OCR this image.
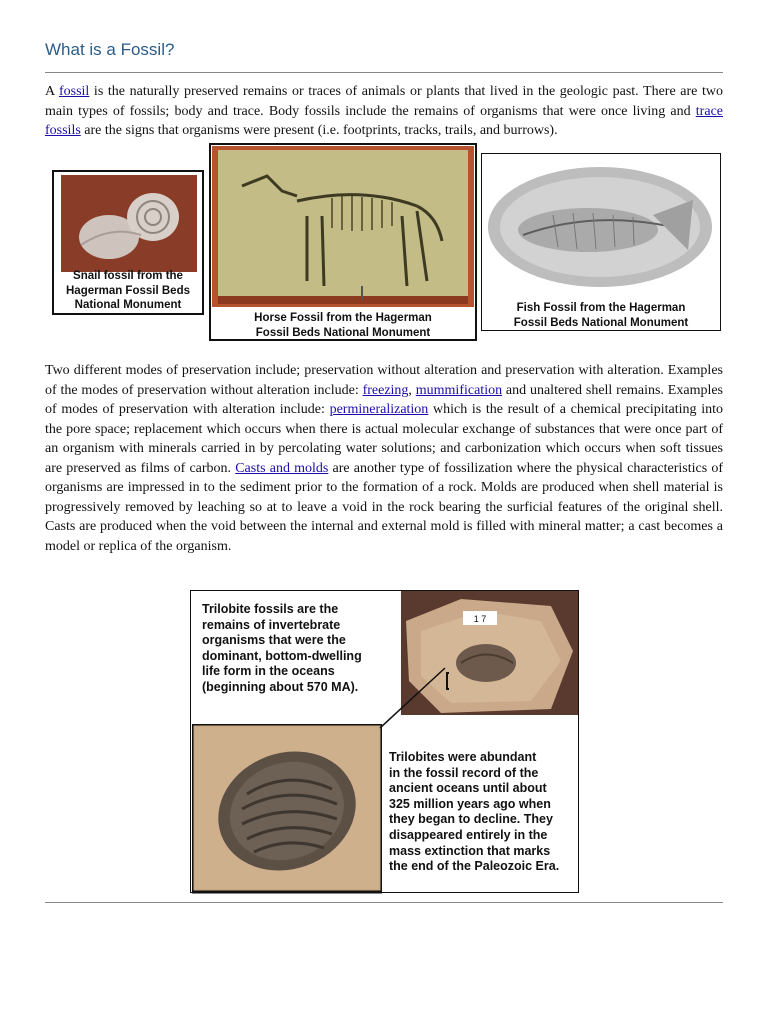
What is a Fossil?

A fossil is the naturally preserved remains or traces of animals or plants that lived in the geologic past. There are two main types of fossils; body and trace. Body fossils include the remains of organisms that were once living and trace fossils are the signs that organisms were present (i.e. footprints, tracks, trails, and burrows).

Snail fossil from the
Hagerman Fossil Beds
National Monument
Horse Fossil from the Hagerman
Fossil Beds National Monument
Fish Fossil from the Hagerman
Fossil Beds National Monument

Two different modes of preservation include; preservation without alteration and preservation with alteration. Examples of the modes of preservation without alteration include: freezing, mummification and unaltered shell remains. Examples of modes of preservation with alteration include: permineralization which is the result of a chemical precipitating into the pore space; replacement which occurs when there is actual molecular exchange of substances that were once part of an organism with minerals carried in by percolating water solutions; and carbonization which occurs when soft tissues are preserved as films of carbon. Casts and molds are another type of fossilization where the physical characteristics of organisms are impressed in to the sediment prior to the formation of a rock. Molds are produced when shell material is progressively removed by leaching so at to leave a void in the rock bearing the surficial features of the original shell. Casts are produced when the void between the internal and external mold is filled with mineral matter; a cast becomes a model or replica of the organism.

1 7
Trilobite fossils are the
remains of invertebrate
organisms that were the
dominant, bottom-dwelling
life form in the oceans
(beginning about 570 MA).
Trilobites were abundant
in the fossil record of the
ancient oceans until about
325 million years ago when
they began to decline. They
disappeared entirely in the
mass extinction that marks
the end of the Paleozoic Era.
